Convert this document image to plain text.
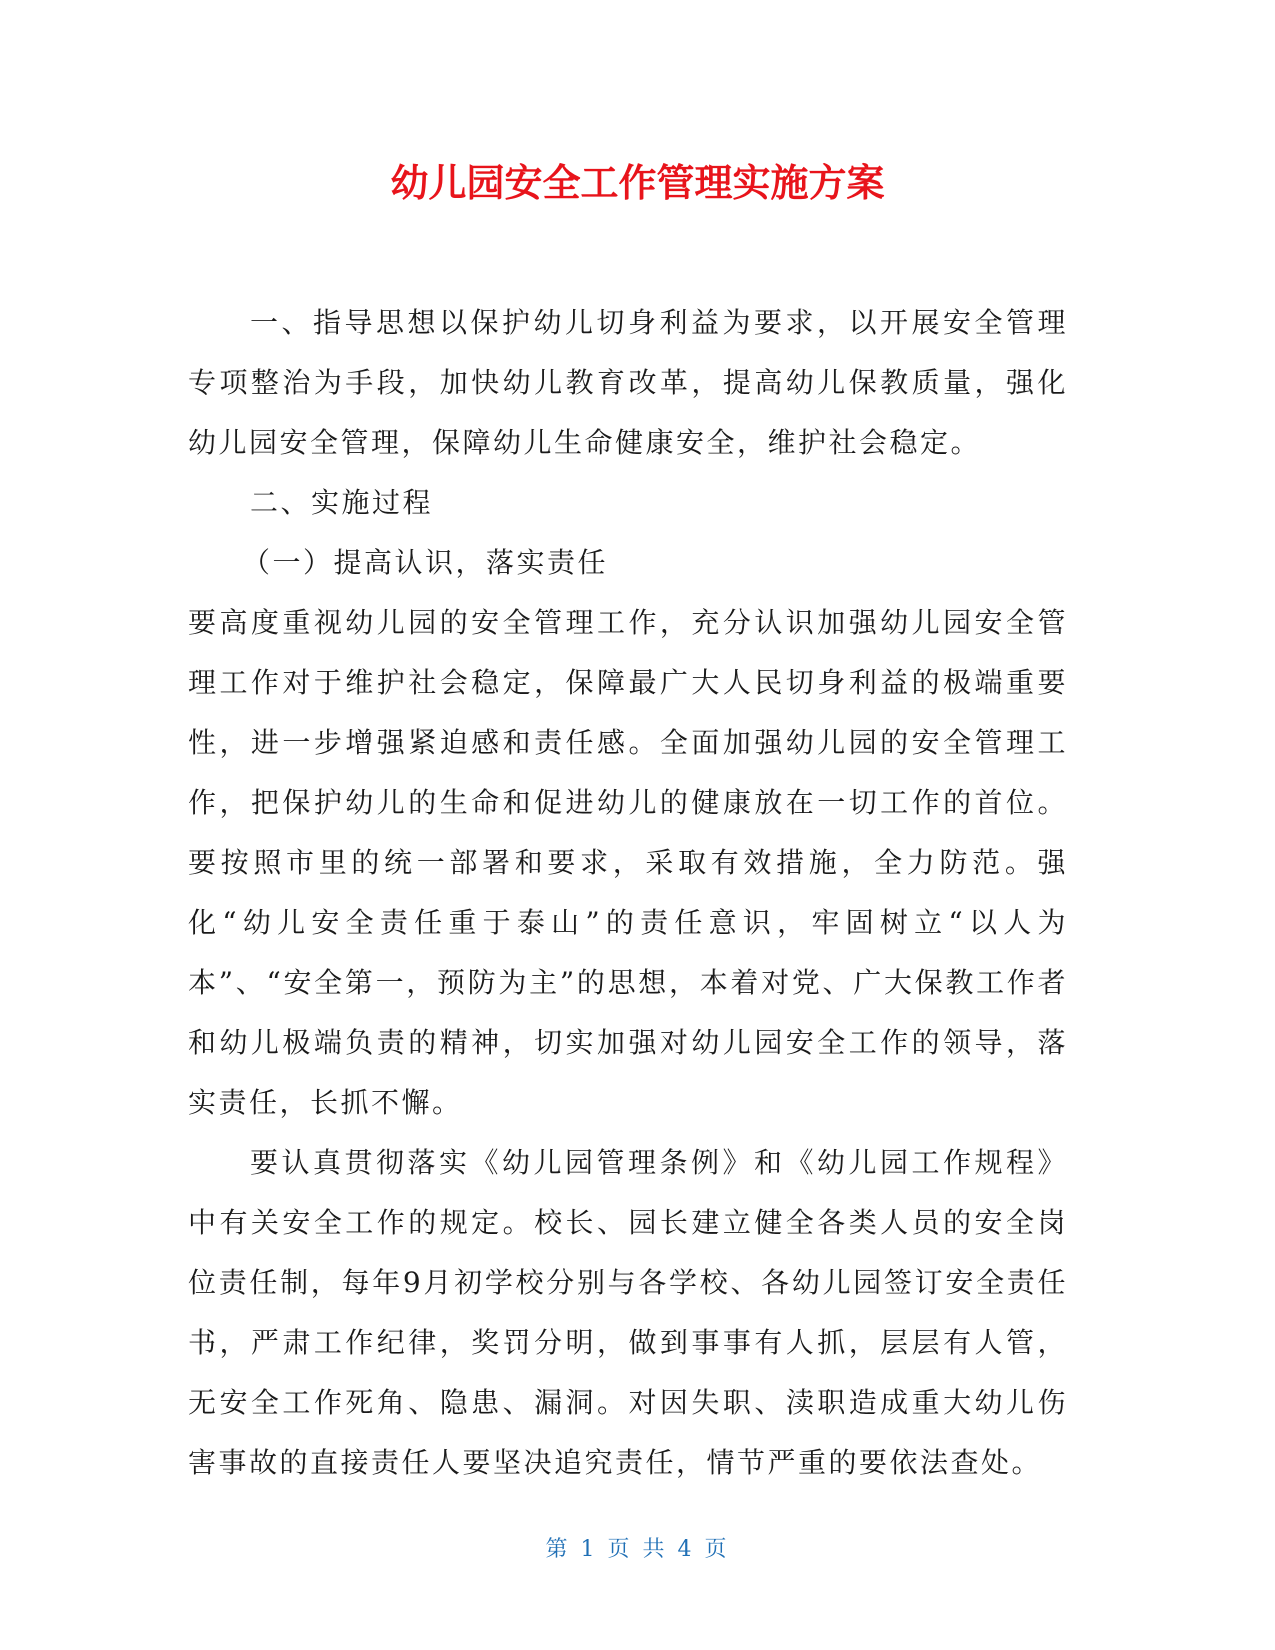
幼儿园安全工作管理实施方案

一、指导思想以保护幼儿切身利益为要求，以开展安全管理专项整治为手段，加快幼儿教育改革，提高幼儿保教质量，强化幼儿园安全管理，保障幼儿生命健康安全，维护社会稳定。

二、实施过程

（一）提高认识，落实责任

要高度重视幼儿园的安全管理工作，充分认识加强幼儿园安全管理工作对于维护社会稳定，保障最广大人民切身利益的极端重要性，进一步增强紧迫感和责任感。全面加强幼儿园的安全管理工作，把保护幼儿的生命和促进幼儿的健康放在一切工作的首位。要按照市里的统一部署和要求，采取有效措施，全力防范。强化“幼儿安全责任重于泰山”的责任意识，牢固树立“以人为本”、“安全第一，预防为主”的思想，本着对党、广大保教工作者和幼儿极端负责的精神，切实加强对幼儿园安全工作的领导，落实责任，长抓不懈。

要认真贯彻落实《幼儿园管理条例》和《幼儿园工作规程》中有关安全工作的规定。校长、园长建立健全各类人员的安全岗位责任制，每年9月初学校分别与各学校、各幼儿园签订安全责任书，严肃工作纪律，奖罚分明，做到事事有人抓，层层有人管，无安全工作死角、隐患、漏洞。对因失职、渎职造成重大幼儿伤害事故的直接责任人要坚决追究责任，情节严重的要依法查处。

第 1 页 共 4 页
